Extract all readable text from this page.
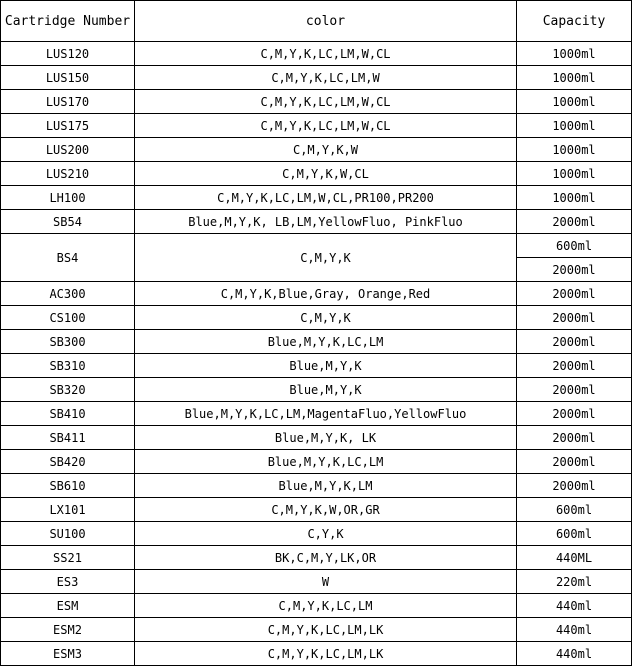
Cartridge Number	color	Capacity
LUS120	C,M,Y,K,LC,LM,W,CL	1000ml
LUS150	C,M,Y,K,LC,LM,W	1000ml
LUS170	C,M,Y,K,LC,LM,W,CL	1000ml
LUS175	C,M,Y,K,LC,LM,W,CL	1000ml
LUS200	C,M,Y,K,W	1000ml
LUS210	C,M,Y,K,W,CL	1000ml
LH100	C,M,Y,K,LC,LM,W,CL,PR100,PR200	1000ml
SB54	Blue,M,Y,K, LB,LM,YellowFluo, PinkFluo	2000ml
BS4	C,M,Y,K	600ml
		2000ml
AC300	C,M,Y,K,Blue,Gray, Orange,Red	2000ml
CS100	C,M,Y,K	2000ml
SB300	Blue,M,Y,K,LC,LM	2000ml
SB310	Blue,M,Y,K	2000ml
SB320	Blue,M,Y,K	2000ml
SB410	Blue,M,Y,K,LC,LM,MagentaFluo,YellowFluo	2000ml
SB411	Blue,M,Y,K, LK	2000ml
SB420	Blue,M,Y,K,LC,LM	2000ml
SB610	Blue,M,Y,K,LM	2000ml
LX101	C,M,Y,K,W,OR,GR	600ml
SU100	C,Y,K	600ml
SS21	BK,C,M,Y,LK,OR	440ML
ES3	W	220ml
ESM	C,M,Y,K,LC,LM	440ml
ESM2	C,M,Y,K,LC,LM,LK	440ml
ESM3	C,M,Y,K,LC,LM,LK	440ml
